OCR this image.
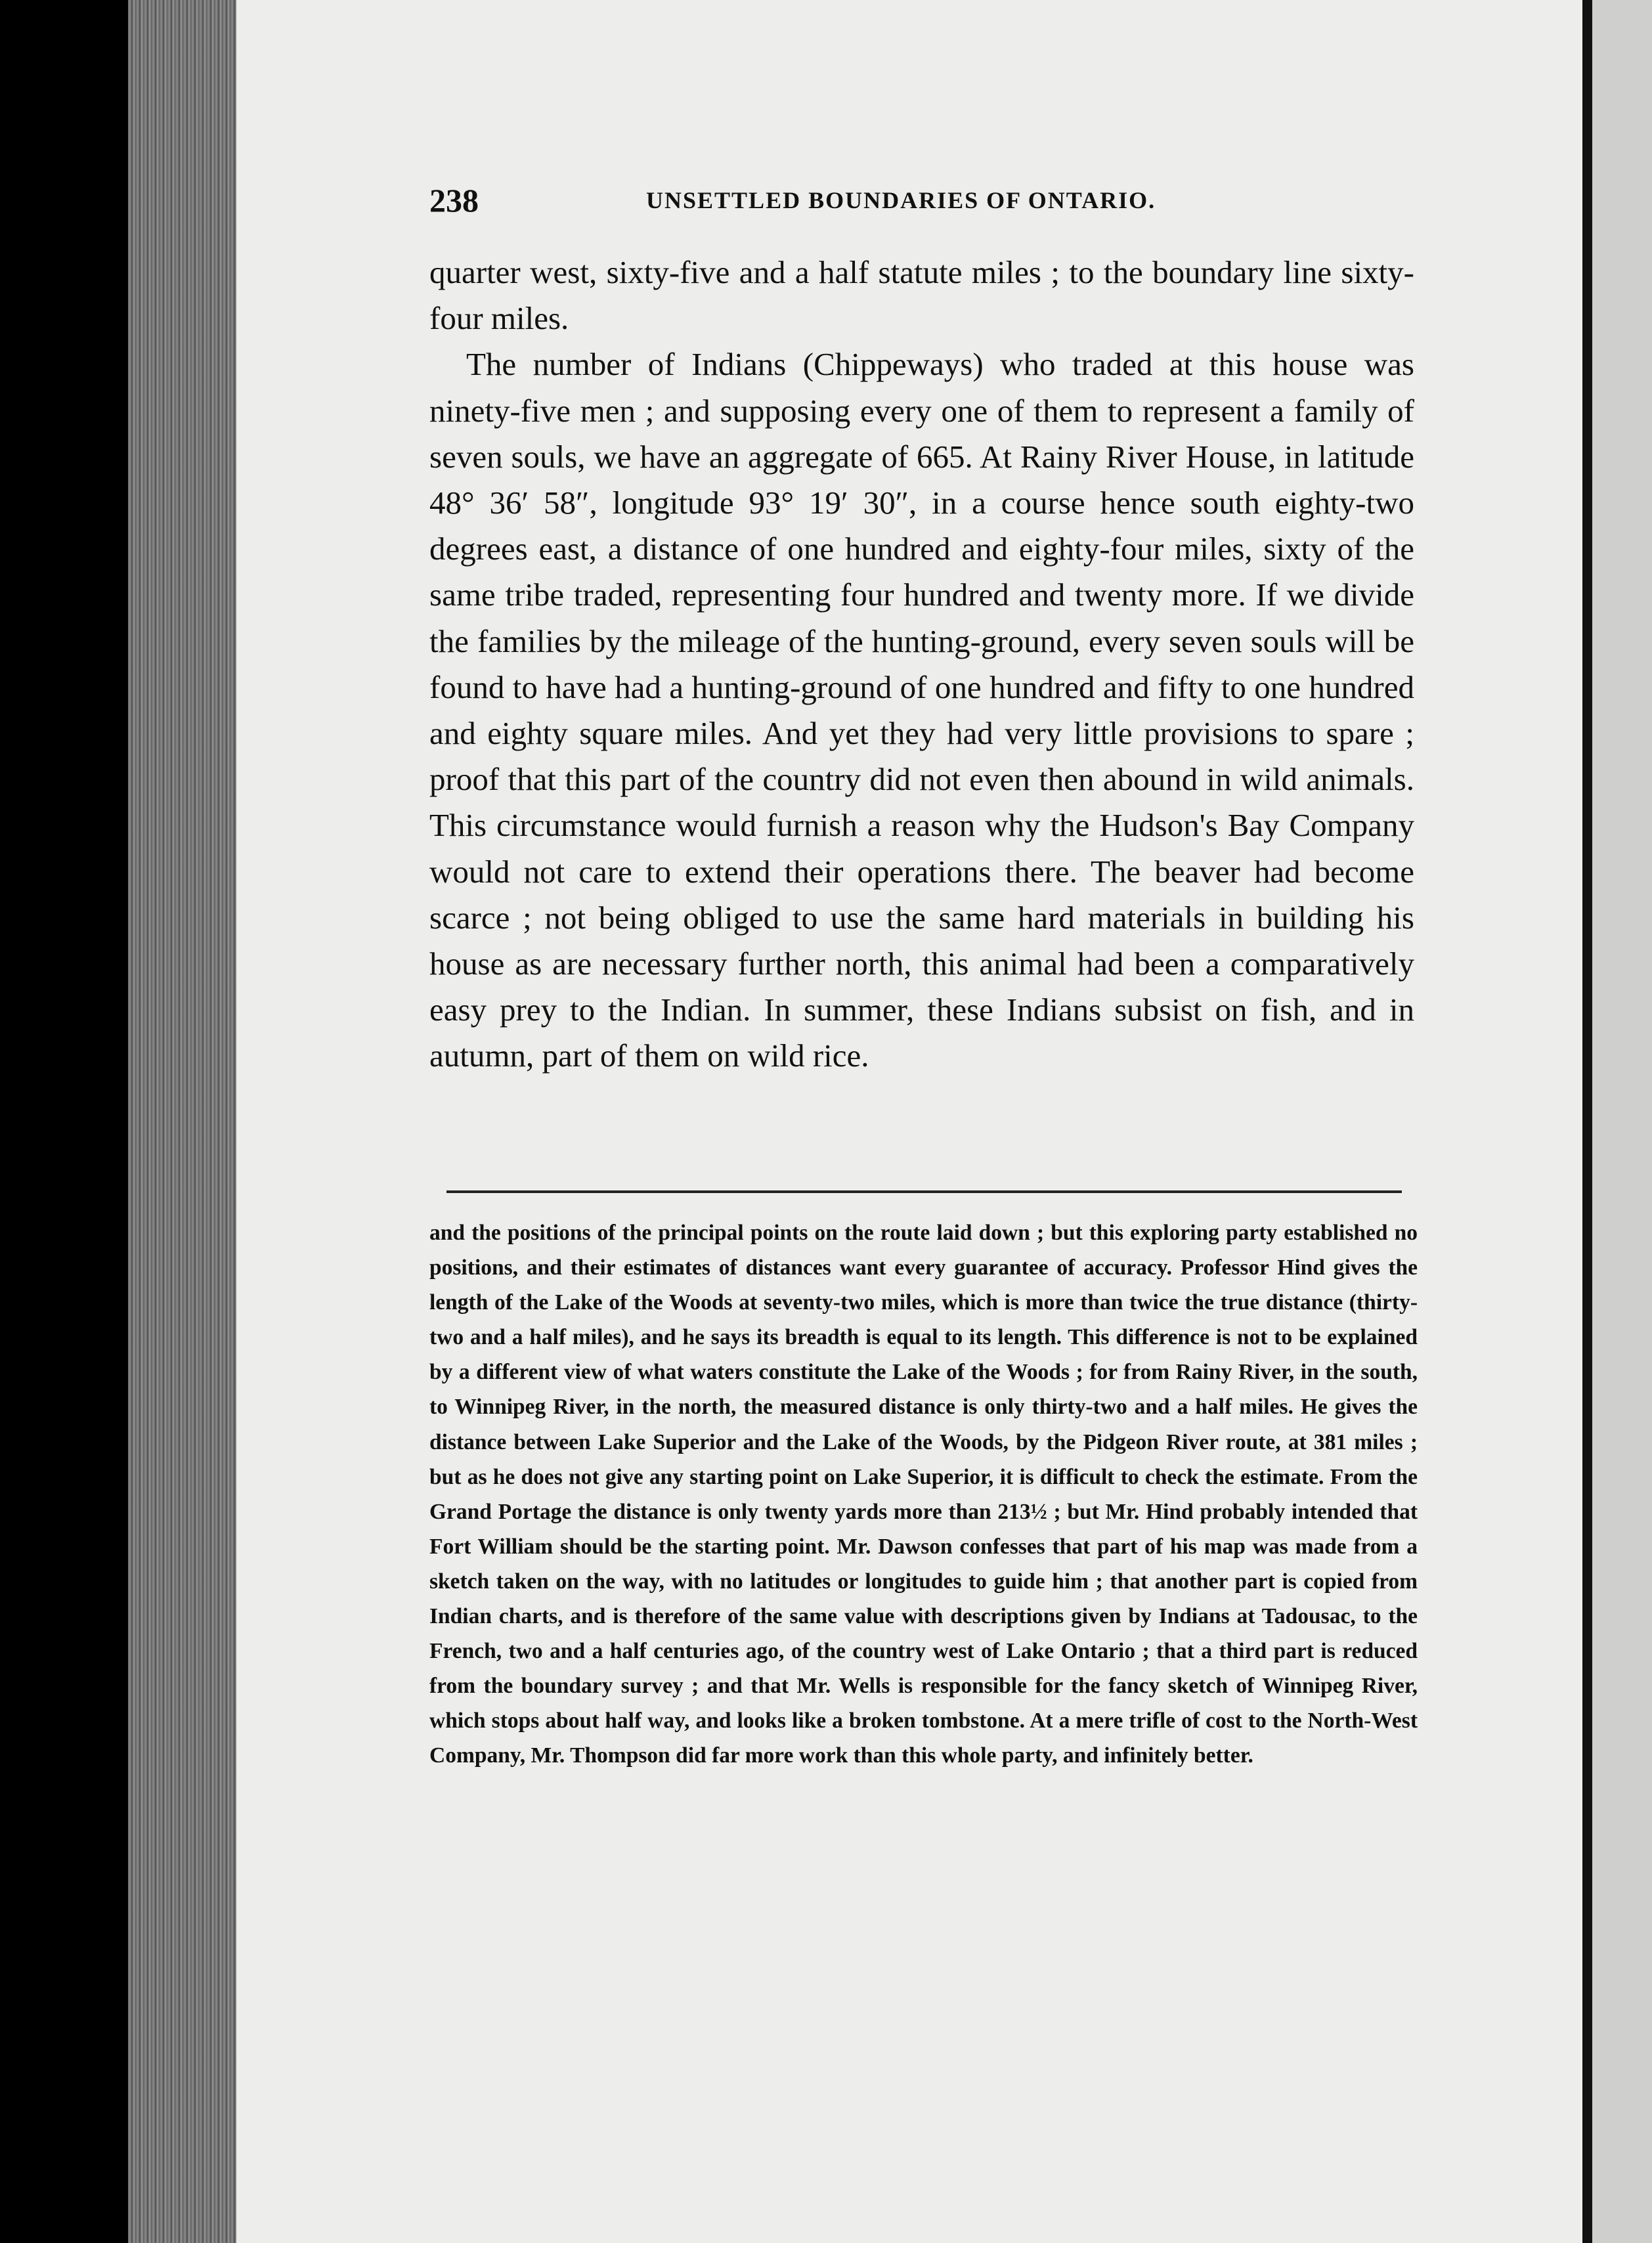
238	UNSETTLED BOUNDARIES OF ONTARIO.

quarter west, sixty-five and a half statute miles ; to the boundary line sixty-four miles.

The number of Indians (Chippeways) who traded at this house was ninety-five men ; and supposing every one of them to represent a family of seven souls, we have an aggregate of 665. At Rainy River House, in latitude 48° 36′ 58″, longitude 93° 19′ 30″, in a course hence south eighty-two degrees east, a distance of one hundred and eighty-four miles, sixty of the same tribe traded, representing four hundred and twenty more. If we divide the families by the mileage of the hunting-ground, every seven souls will be found to have had a hunting-ground of one hundred and fifty to one hundred and eighty square miles. And yet they had very little provisions to spare ; proof that this part of the country did not even then abound in wild animals. This circumstance would furnish a reason why the Hudson's Bay Company would not care to extend their operations there. The beaver had become scarce ; not being obliged to use the same hard materials in building his house as are necessary further north, this animal had been a comparatively easy prey to the Indian. In summer, these Indians subsist on fish, and in autumn, part of them on wild rice.

and the positions of the principal points on the route laid down ; but this exploring party established no positions, and their estimates of distances want every guarantee of accuracy. Professor Hind gives the length of the Lake of the Woods at seventy-two miles, which is more than twice the true distance (thirty-two and a half miles), and he says its breadth is equal to its length. This difference is not to be explained by a different view of what waters constitute the Lake of the Woods ; for from Rainy River, in the south, to Winnipeg River, in the north, the measured distance is only thirty-two and a half miles. He gives the distance between Lake Superior and the Lake of the Woods, by the Pidgeon River route, at 381 miles ; but as he does not give any starting point on Lake Superior, it is difficult to check the estimate. From the Grand Portage the distance is only twenty yards more than 213½ ; but Mr. Hind probably intended that Fort William should be the starting point. Mr. Dawson confesses that part of his map was made from a sketch taken on the way, with no latitudes or longitudes to guide him ; that another part is copied from Indian charts, and is therefore of the same value with descriptions given by Indians at Tadousac, to the French, two and a half centuries ago, of the country west of Lake Ontario ; that a third part is reduced from the boundary survey ; and that Mr. Wells is responsible for the fancy sketch of Winnipeg River, which stops about half way, and looks like a broken tombstone. At a mere trifle of cost to the North-West Company, Mr. Thompson did far more work than this whole party, and infinitely better.
